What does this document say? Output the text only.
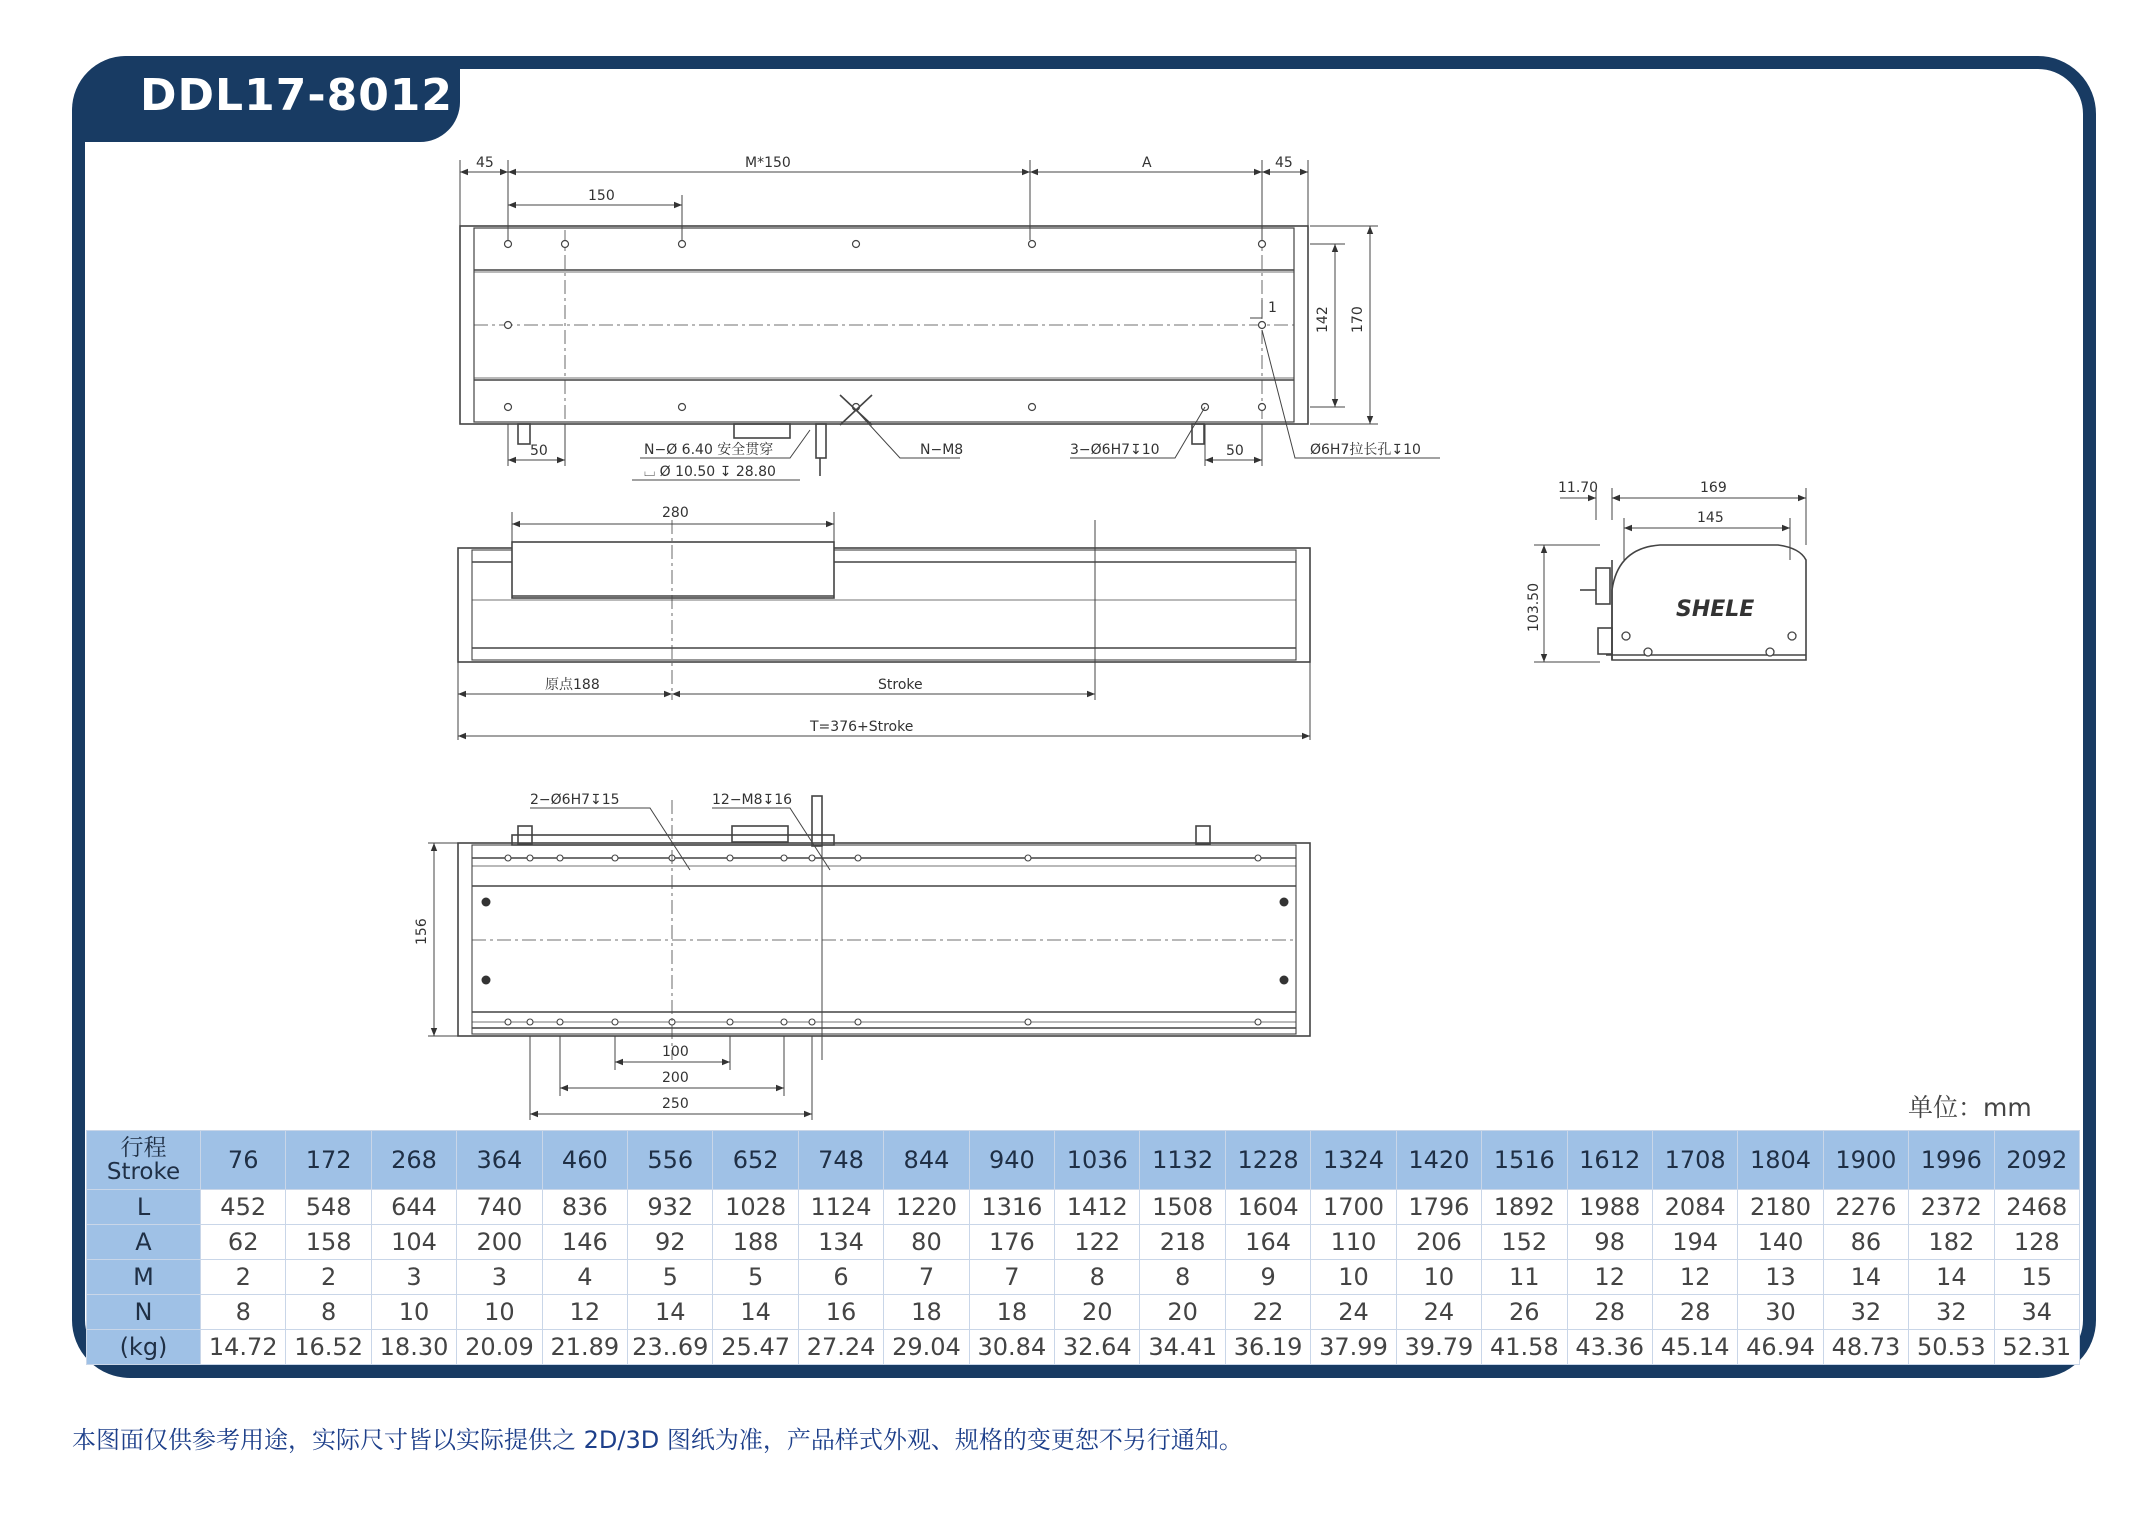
DDL17-8012
45	M*150	A	45
150
142 170
1
50	50
N−Ø 6.40 安全贯穿
⌴ Ø 10.50 ↧ 28.80
N−M8	3−Ø6H7↧10	Ø6H7拉长孔↧10
280
原点188	Stroke
T=376+Stroke
11.70	169
145
103.50	SHELE
2−Ø6H7↧15	12−M8↧16
156
100
200
250	单位：mm
行程
Stroke	76	172	268	364	460	556	652	748	844	940	1036	1132	1228	1324	1420	1516	1612	1708	1804	1900	1996	2092
L	452	548	644	740	836	932	1028	1124	1220	1316	1412	1508	1604	1700	1796	1892	1988	2084	2180	2276	2372	2468
A	62	158	104	200	146	92	188	134	80	176	122	218	164	110	206	152	98	194	140	86	182	128
M	2	2	3	3	4	5	5	6	7	7	8	8	9	10	10	11	12	12	13	14	14	15
N	8	8	10	10	12	14	14	16	18	18	20	20	22	24	24	26	28	28	30	32	32	34
(kg)	14.72	16.52	18.30	20.09	21.89	23..69	25.47	27.24	29.04	30.84	32.64	34.41	36.19	37.99	39.79	41.58	43.36	45.14	46.94	48.73	50.53	52.31
本图面仅供参考用途，实际尺寸皆以实际提供之 2D/3D 图纸为准，产品样式外观、规格的变更恕不另行通知。
